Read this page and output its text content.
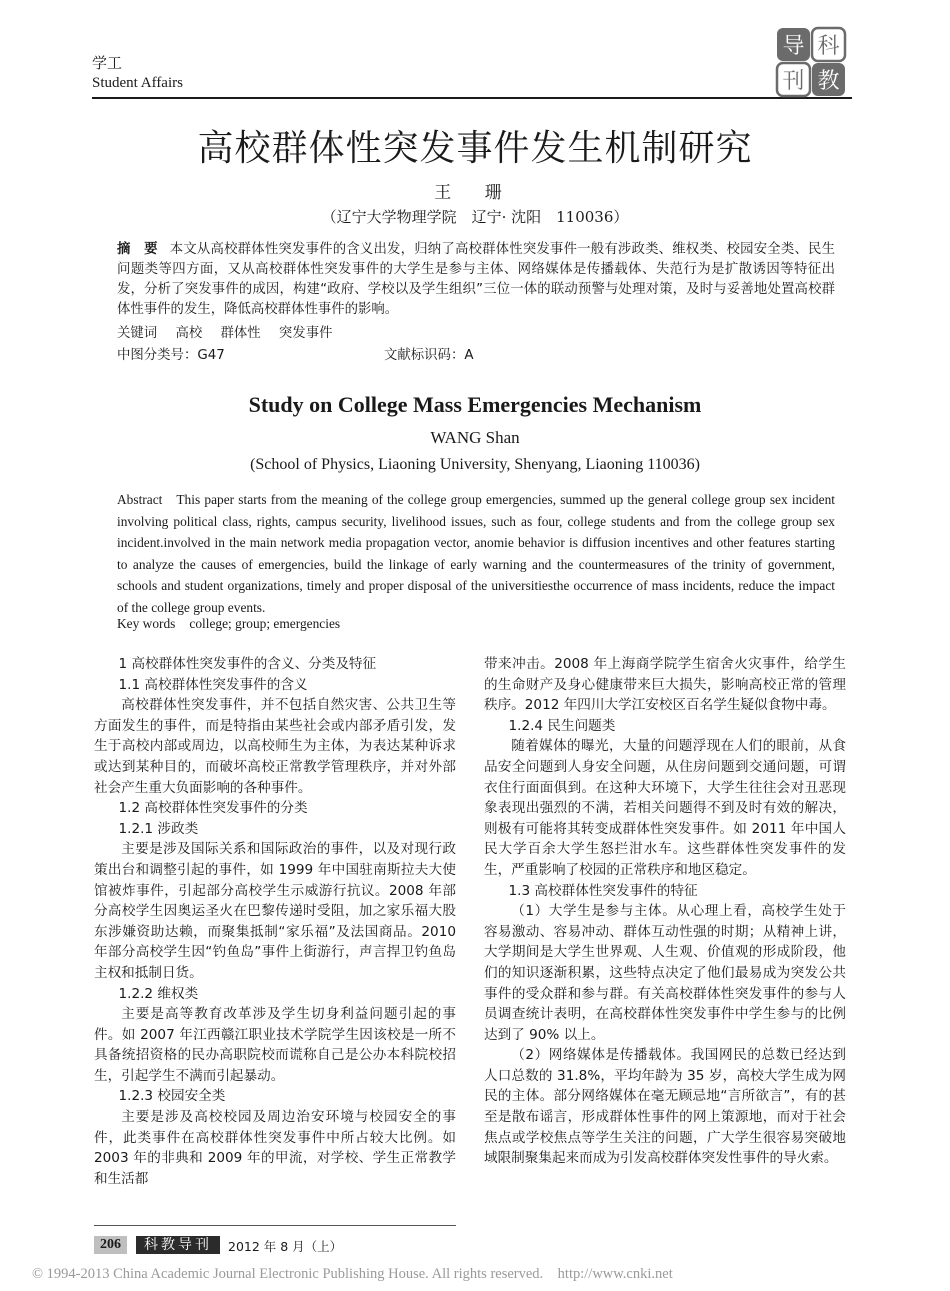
学工
Student Affairs
导 科
刊 教
高校群体性突发事件发生机制研究
王 珊
（辽宁大学物理学院　辽宁· 沈阳　110036）

摘　要 本文从高校群体性突发事件的含义出发，归纳了高校群体性突发事件一般有涉政类、维权类、校园安全类、民生问题类等四方面，又从高校群体性突发事件的大学生是参与主体、网络媒体是传播载体、失范行为是扩散诱因等特征出发，分析了突发事件的成因，构建“政府、学校以及学生组织”三位一体的联动预警与处理对策，及时与妥善地处置高校群体性事件的发生，降低高校群体性事件的影响。

关键词 高校 群体性 突发事件
中图分类号：G47	文献标识码：A
Study on College Mass Emergencies Mechanism
WANG Shan
(School of Physics, Liaoning University, Shenyang, Liaoning 110036)

Abstract This paper starts from the meaning of the college group emergencies, summed up the general college group sex incident involving political class, rights, campus security, livelihood issues, such as four, college students and from the college group sex incident.involved in the main network media propagation vector, anomie behavior is diffusion incentives and other features starting to analyze the causes of emergencies, build the linkage of early warning and the countermeasures of the trinity of government, schools and student organizations, timely and proper disposal of the universitiesthe occurrence of mass incidents, reduce the impact of the college group events.

Key words college; group; emergencies

1 高校群体性突发事件的含义、分类及特征

1.1 高校群体性突发事件的含义

高校群体性突发事件，并不包括自然灾害、公共卫生等方面发生的事件，而是特指由某些社会或内部矛盾引发，发生于高校内部或周边，以高校师生为主体，为表达某种诉求或达到某种目的，而破坏高校正常教学管理秩序，并对外部社会产生重大负面影响的各种事件。

1.2 高校群体性突发事件的分类

1.2.1 涉政类

主要是涉及国际关系和国际政治的事件，以及对现行政策出台和调整引起的事件，如 1999 年中国驻南斯拉夫大使馆被炸事件，引起部分高校学生示威游行抗议。2008 年部分高校学生因奥运圣火在巴黎传递时受阻，加之家乐福大股东涉嫌资助达赖，而聚集抵制“家乐福”及法国商品。2010 年部分高校学生因“钓鱼岛”事件上街游行，声言捍卫钓鱼岛主权和抵制日货。

1.2.2 维权类

主要是高等教育改革涉及学生切身利益问题引起的事件。如 2007 年江西赣江职业技术学院学生因该校是一所不具备统招资格的民办高职院校而谎称自己是公办本科院校招生，引起学生不满而引起暴动。

1.2.3 校园安全类

主要是涉及高校校园及周边治安环境与校园安全的事件，此类事件在高校群体性突发事件中所占较大比例。如 2003 年的非典和 2009 年的甲流，对学校、学生正常教学和生活都

带来冲击。2008 年上海商学院学生宿舍火灾事件，给学生的生命财产及身心健康带来巨大损失，影响高校正常的管理秩序。2012 年四川大学江安校区百名学生疑似食物中毒。

1.2.4 民生问题类

随着媒体的曝光，大量的问题浮现在人们的眼前，从食品安全问题到人身安全问题，从住房问题到交通问题，可谓衣住行面面俱到。在这种大环境下，大学生往往会对丑恶现象表现出强烈的不满，若相关问题得不到及时有效的解决，则极有可能将其转变成群体性突发事件。如 2011 年中国人民大学百余大学生怒拦泔水车。这些群体性突发事件的发生，严重影响了校园的正常秩序和地区稳定。

1.3 高校群体性突发事件的特征

（1）大学生是参与主体。从心理上看，高校学生处于容易激动、容易冲动、群体互动性强的时期；从精神上讲，大学期间是大学生世界观、人生观、价值观的形成阶段，他们的知识逐渐积累，这些特点决定了他们最易成为突发公共事件的受众群和参与群。有关高校群体性突发事件的参与人员调查统计表明，在高校群体性突发事件中学生参与的比例达到了 90% 以上。

（2）网络媒体是传播载体。我国网民的总数已经达到人口总数的 31.8%，平均年龄为 35 岁，高校大学生成为网民的主体。部分网络媒体在毫无顾忌地“言所欲言”，有的甚至是散布谣言，形成群体性事件的网上策源地，而对于社会焦点或学校焦点等学生关注的问题，广大学生很容易突破地域限制聚集起来而成为引发高校群体突发性事件的导火索。

206	科教导刊	2012 年 8 月（上）
© 1994-2013 China Academic Journal Electronic Publishing House. All rights reserved.    http://www.cnki.net
